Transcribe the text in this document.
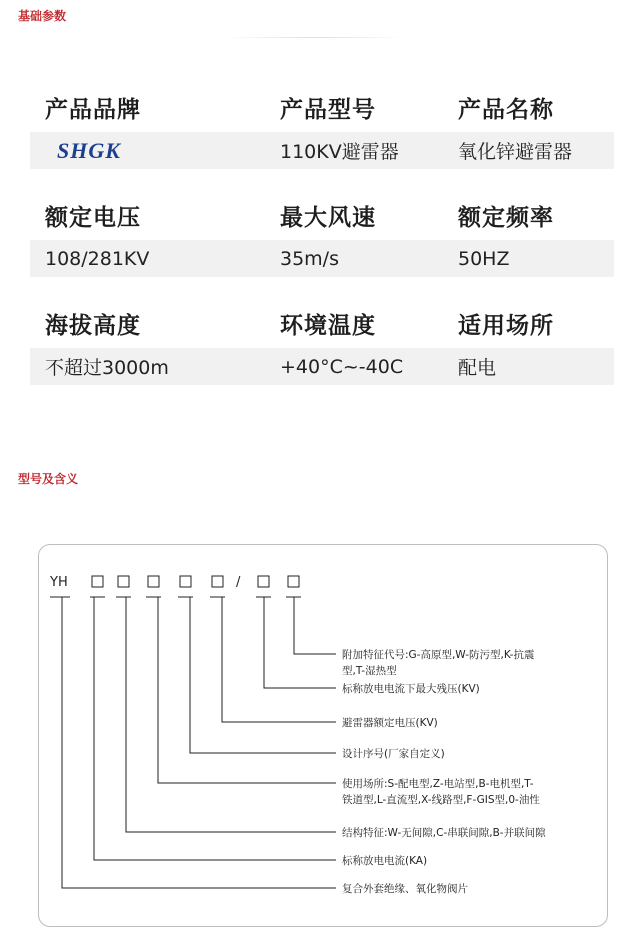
基础参数
产品品牌	产品型号	产品名称
SHGK	110KV避雷器	氧化锌避雷器
额定电压	最大风速	额定频率
108/281KV	35m/s	50HZ
海拔高度	环境温度	适用场所
不超过3000m	+40°C~-40C	配电
型号及含义
YH	/
附加特征代号:G-高原型,W-防污型,K-抗震
型,T-湿热型
标称放电电流下最大残压(KV)
避雷器额定电压(KV)
设计序号(厂家自定义)
使用场所:S-配电型,Z-电站型,B-电机型,T-
铁道型,L-直流型,X-线路型,F-GIS型,0-油性
结构特征:W-无间隙,C-串联间隙,B-并联间隙
标称放电电流(KA)
复合外套绝缘、氧化物阀片
